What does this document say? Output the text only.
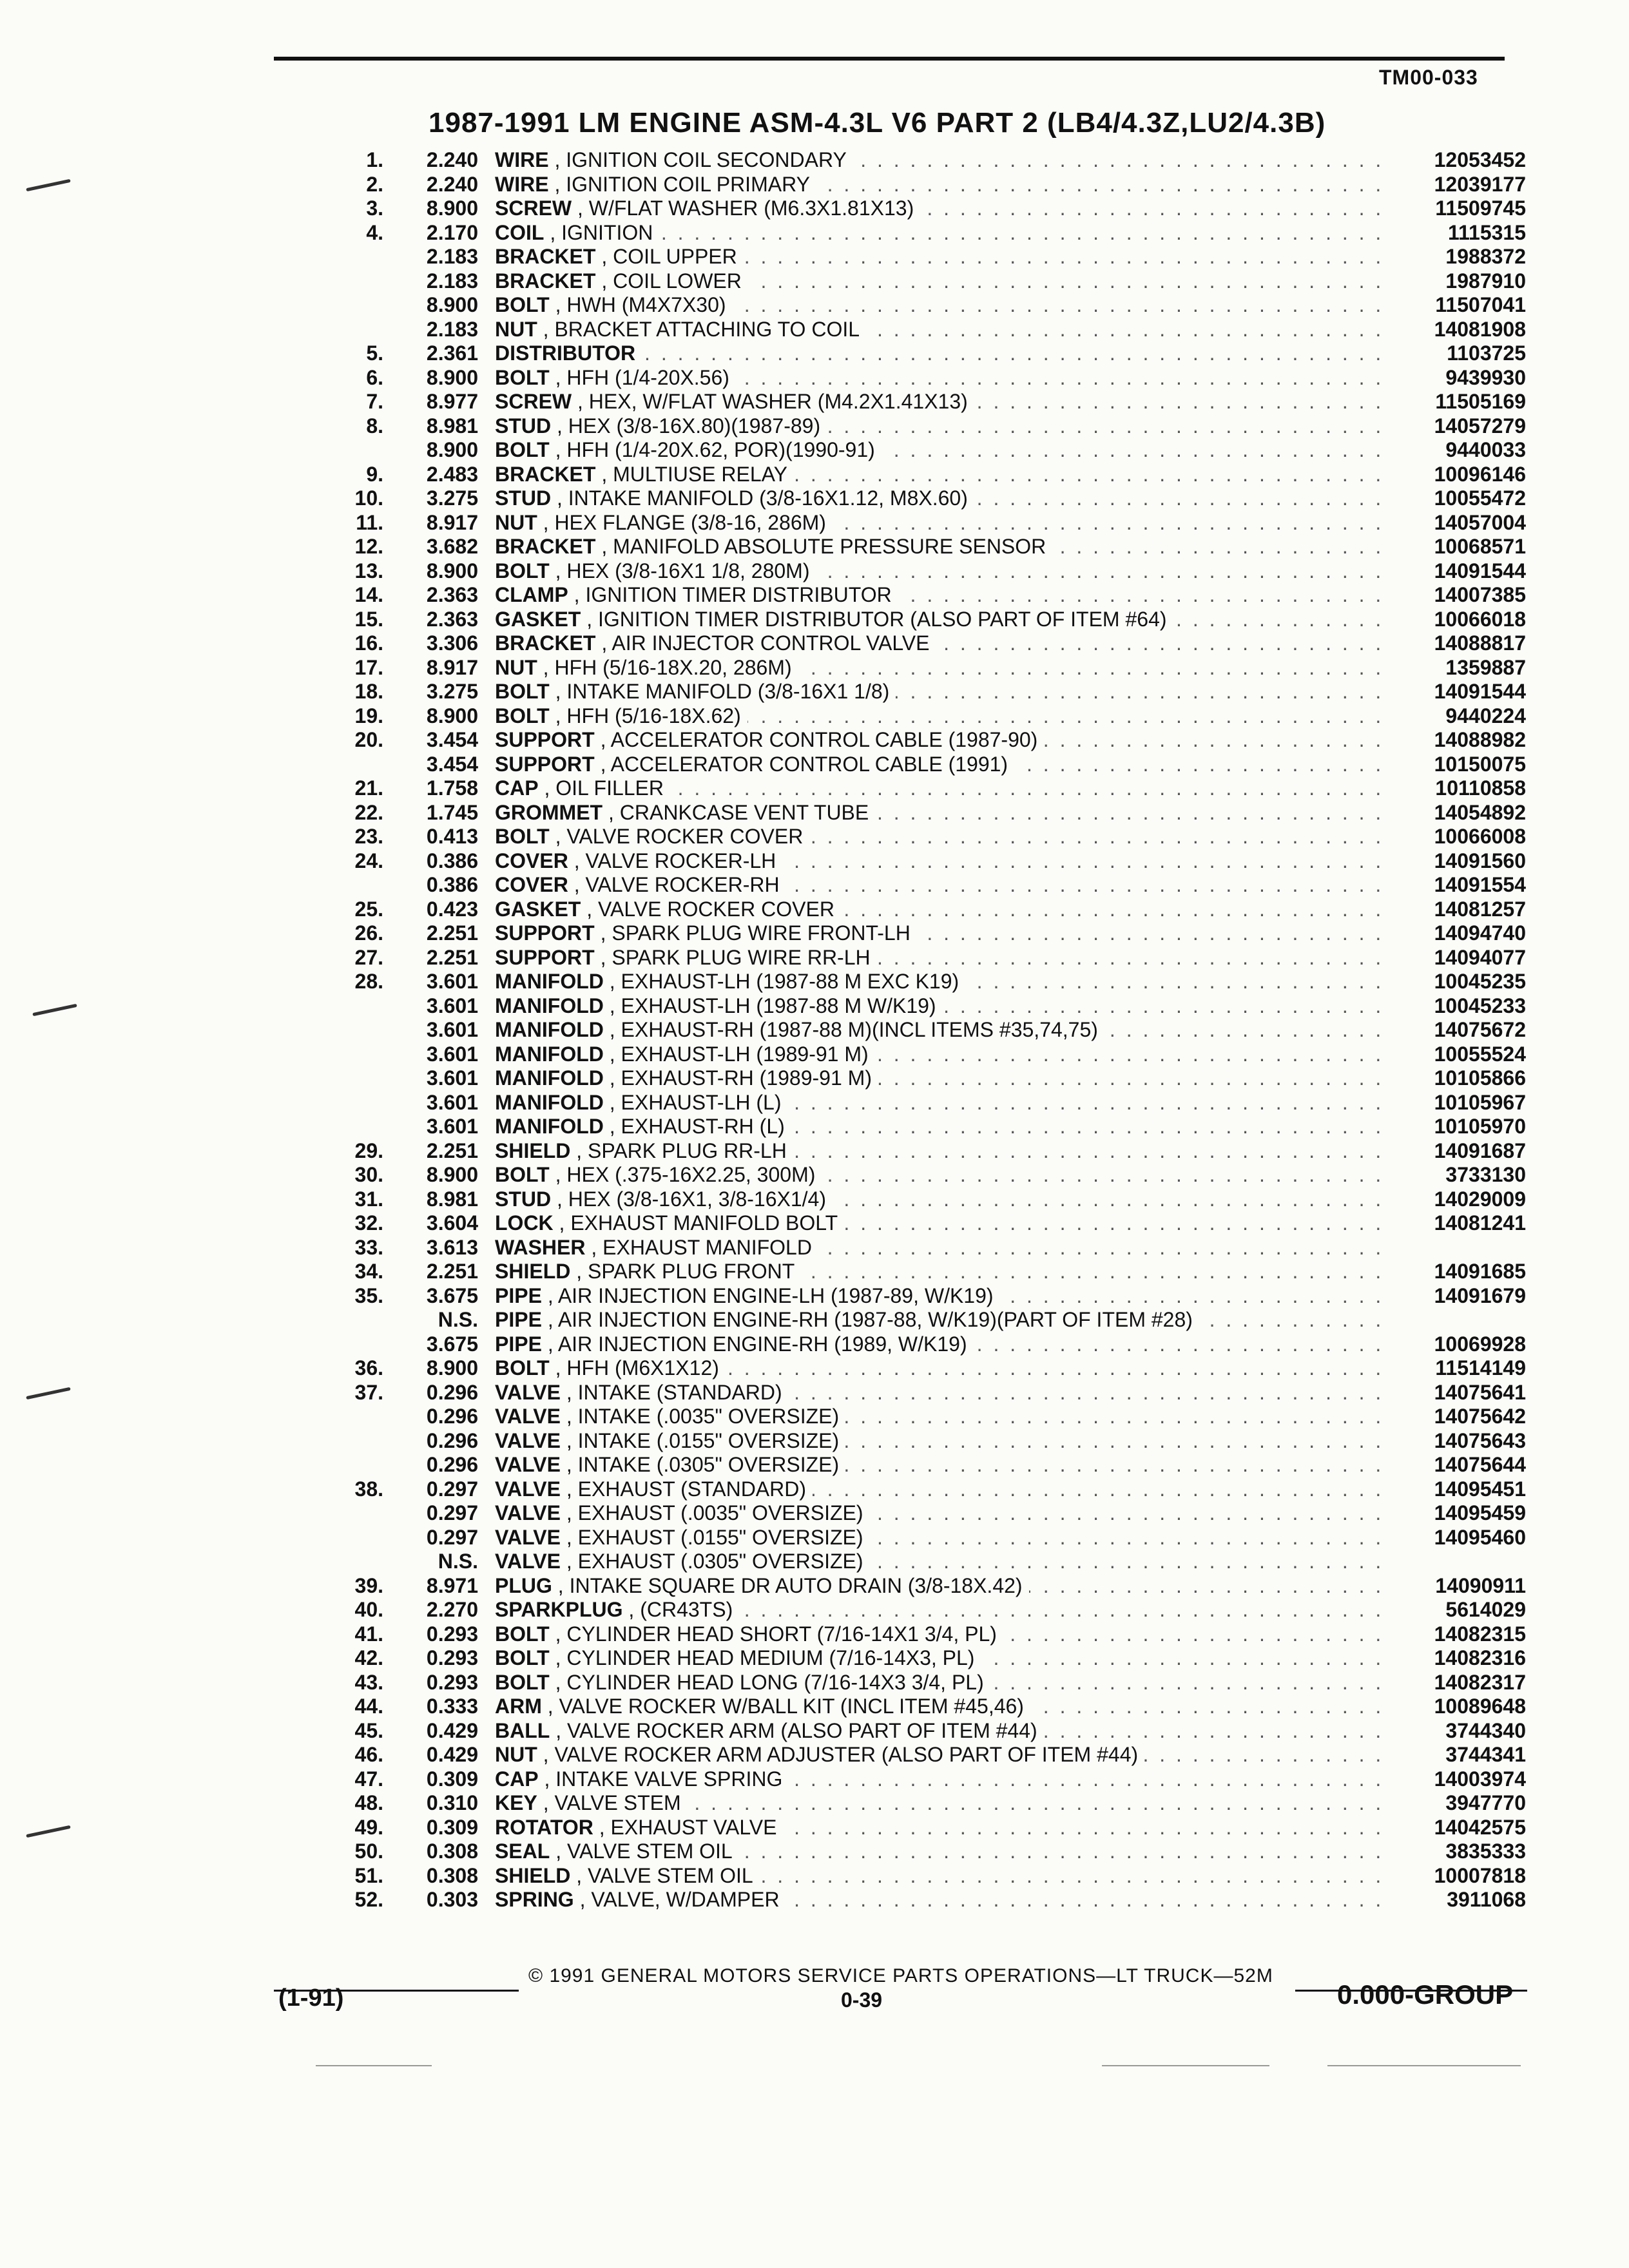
TM00-033
1987-1991 LM ENGINE ASM-4.3L V6 PART 2 (LB4/4.3Z,LU2/4.3B)
. . .
1.	2.240 WIRE , IGNITION COIL SECONDARY	12053452
. . .
2.	2.240 WIRE , IGNITION COIL PRIMARY	12039177
. . .
3.	8.900 SCREW , W/FLAT WASHER (M6.3X1.81X13)	11509745
. . .
4.	2.170 COIL , IGNITION	1115315
. . .
2.183 BRACKET , COIL UPPER	1988372
. . .
2.183 BRACKET , COIL LOWER	1987910
. . .
8.900 BOLT , HWH (M4X7X30)	11507041
. . .
2.183 NUT , BRACKET ATTACHING TO COIL	14081908
. . .
5.	2.361 DISTRIBUTOR	1103725
. . .
6.	8.900 BOLT , HFH (1/4-20X.56)	9439930
. . .
7.	8.977 SCREW , HEX, W/FLAT WASHER (M4.2X1.41X13)	11505169
. . .
8.	8.981 STUD , HEX (3/8-16X.80)(1987-89)	14057279
. . .
8.900 BOLT , HFH (1/4-20X.62, POR)(1990-91)	9440033
. . .
9.	2.483 BRACKET , MULTIUSE RELAY	10096146
. . .
10.	3.275 STUD , INTAKE MANIFOLD (3/8-16X1.12, M8X.60)	10055472
. . .
11.	8.917 NUT , HEX FLANGE (3/8-16, 286M)	14057004
. . .
12.	3.682 BRACKET , MANIFOLD ABSOLUTE PRESSURE SENSOR	10068571
. . .
13.	8.900 BOLT , HEX (3/8-16X1 1/8, 280M)	14091544
. . .
14.	2.363 CLAMP , IGNITION TIMER DISTRIBUTOR	14007385
. . .
15.	2.363 GASKET , IGNITION TIMER DISTRIBUTOR (ALSO PART OF ITEM #64)	10066018
. . .
16.	3.306 BRACKET , AIR INJECTOR CONTROL VALVE	14088817
. . .
17.	8.917 NUT , HFH (5/16-18X.20, 286M)	1359887
. . .
18.	3.275 BOLT , INTAKE MANIFOLD (3/8-16X1 1/8)	14091544
. . .
19.	8.900 BOLT , HFH (5/16-18X.62)	9440224
. . .
20.	3.454 SUPPORT , ACCELERATOR CONTROL CABLE (1987-90)	14088982
. . .
3.454 SUPPORT , ACCELERATOR CONTROL CABLE (1991)	10150075
. . .
21.	1.758 CAP , OIL FILLER	10110858
. . .
22.	1.745 GROMMET , CRANKCASE VENT TUBE	14054892
. . .
23.	0.413 BOLT , VALVE ROCKER COVER	10066008
. . .
24.	0.386 COVER , VALVE ROCKER-LH	14091560
. . .
0.386 COVER , VALVE ROCKER-RH	14091554
. . .
25.	0.423 GASKET , VALVE ROCKER COVER	14081257
. . .
26.	2.251 SUPPORT , SPARK PLUG WIRE FRONT-LH	14094740
. . .
27.	2.251 SUPPORT , SPARK PLUG WIRE RR-LH	14094077
. . .
28.	3.601 MANIFOLD , EXHAUST-LH (1987-88 M EXC K19)	10045235
. . .
3.601 MANIFOLD , EXHAUST-LH (1987-88 M W/K19)	10045233
. . .
3.601 MANIFOLD , EXHAUST-RH (1987-88 M)(INCL ITEMS #35,74,75)	14075672
. . .
3.601 MANIFOLD , EXHAUST-LH (1989-91 M)	10055524
. . .
3.601 MANIFOLD , EXHAUST-RH (1989-91 M)	10105866
. . .
3.601 MANIFOLD , EXHAUST-LH (L)	10105967
. . .
3.601 MANIFOLD , EXHAUST-RH (L)	10105970
. . .
29.	2.251 SHIELD , SPARK PLUG RR-LH	14091687
. . .
30.	8.900 BOLT , HEX (.375-16X2.25, 300M)	3733130
. . .
31.	8.981 STUD , HEX (3/8-16X1, 3/8-16X1/4)	14029009
. . .
32.	3.604 LOCK , EXHAUST MANIFOLD BOLT	14081241
. . .
33.	3.613 WASHER , EXHAUST MANIFOLD
. . .
34.	2.251 SHIELD , SPARK PLUG FRONT	14091685
. . .
35.	3.675 PIPE , AIR INJECTION ENGINE-LH (1987-89, W/K19)	14091679
. . .
N.S. PIPE , AIR INJECTION ENGINE-RH (1987-88, W/K19)(PART OF ITEM #28)
. . .
3.675 PIPE , AIR INJECTION ENGINE-RH (1989, W/K19)	10069928
. . .
36.	8.900 BOLT , HFH (M6X1X12)	11514149
. . .
37.	0.296 VALVE , INTAKE (STANDARD)	14075641
. . .
0.296 VALVE , INTAKE (.0035" OVERSIZE)	14075642
. . .
0.296 VALVE , INTAKE (.0155" OVERSIZE)	14075643
. . .
0.296 VALVE , INTAKE (.0305" OVERSIZE)	14075644
. . .
38.	0.297 VALVE , EXHAUST (STANDARD)	14095451
. . .
0.297 VALVE , EXHAUST (.0035" OVERSIZE)	14095459
. . .
0.297 VALVE , EXHAUST (.0155" OVERSIZE)	14095460
. . .
N.S. VALVE , EXHAUST (.0305" OVERSIZE)
. . .
39.	8.971 PLUG , INTAKE SQUARE DR AUTO DRAIN (3/8-18X.42)	14090911
. . .
40.	2.270 SPARKPLUG , (CR43TS)	5614029
. . .
41.	0.293 BOLT , CYLINDER HEAD SHORT (7/16-14X1 3/4, PL)	14082315
. . .
42.	0.293 BOLT , CYLINDER HEAD MEDIUM (7/16-14X3, PL)	14082316
. . .
43.	0.293 BOLT , CYLINDER HEAD LONG (7/16-14X3 3/4, PL)	14082317
. . .
44.	0.333 ARM , VALVE ROCKER W/BALL KIT (INCL ITEM #45,46)	10089648
. . .
45.	0.429 BALL , VALVE ROCKER ARM (ALSO PART OF ITEM #44)	3744340
. . .
46.	0.429 NUT , VALVE ROCKER ARM ADJUSTER (ALSO PART OF ITEM #44)	3744341
. . .
47.	0.309 CAP , INTAKE VALVE SPRING	14003974
. . .
48.	0.310 KEY , VALVE STEM	3947770
. . .
49.	0.309 ROTATOR , EXHAUST VALVE	14042575
. . .
50.	0.308 SEAL , VALVE STEM OIL	3835333
. . .
51.	0.308 SHIELD , VALVE STEM OIL	10007818
. . .
52.	0.303 SPRING , VALVE, W/DAMPER	3911068
© 1991 GENERAL MOTORS SERVICE PARTS OPERATIONS—LT TRUCK—52M
(1-91)	0-39	0.000-GROUP
